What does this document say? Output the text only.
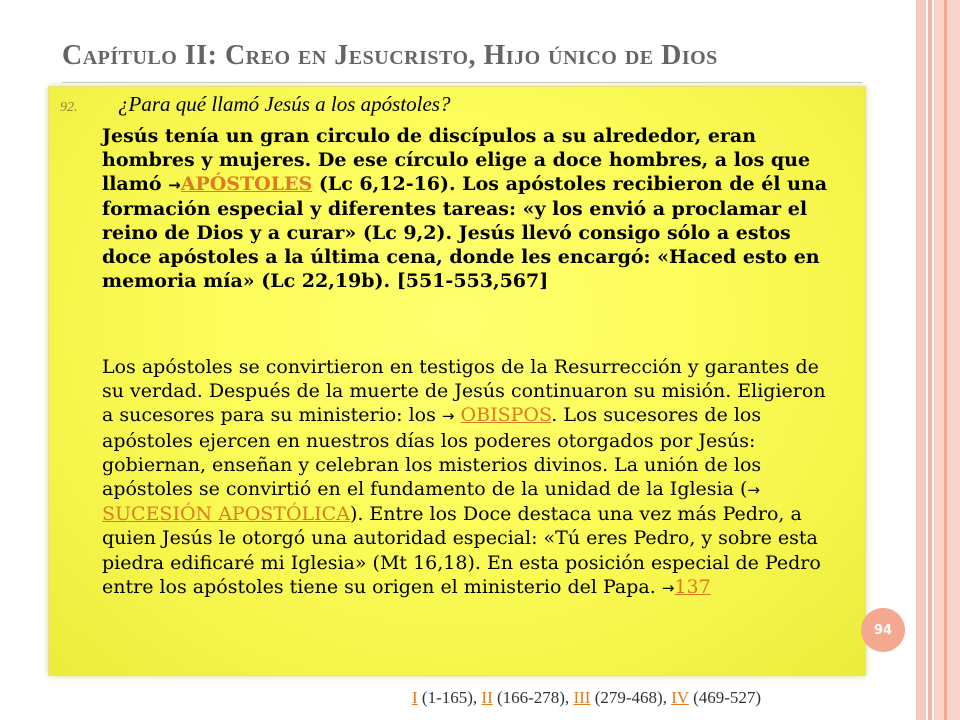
Capítulo II: Creo en Jesucristo, Hijo único de Dios
92. ¿Para qué llamó Jesús a los apóstoles?

Jesús tenía un gran circulo de discípulos a su alrededor, eran hombres y mujeres. De ese círculo elige a doce hombres, a los que llamó →APÓSTOLES (Lc 6,12-16). Los apóstoles recibieron de él una formación especial y diferentes tareas: «y los envió a proclamar el reino de Dios y a curar» (Lc 9,2). Jesús llevó consigo sólo a estos doce apóstoles a la última cena, donde les encargó: «Haced esto en memoria mía» (Lc 22,19b). [551-553,567]

Los apóstoles se convirtieron en testigos de la Resurrección y garantes de su verdad. Después de la muerte de Jesús continuaron su misión. Eligieron a sucesores para su ministerio: los → OBISPOS. Los sucesores de los apóstoles ejercen en nuestros días los poderes otorgados por Jesús: gobiernan, enseñan y celebran los misterios divinos. La unión de los apóstoles se convirtió en el fundamento de la unidad de la Iglesia (→ SUCESIÓN APOSTÓLICA). Entre los Doce destaca una vez más Pedro, a quien Jesús le otorgó una autoridad especial: «Tú eres Pedro, y sobre esta piedra edificaré mi Iglesia» (Mt 16,18). En esta posición especial de Pedro entre los apóstoles tiene su origen el ministerio del Papa. →137

94
I (1-165), II (166-278), III (279-468), IV (469-527)
